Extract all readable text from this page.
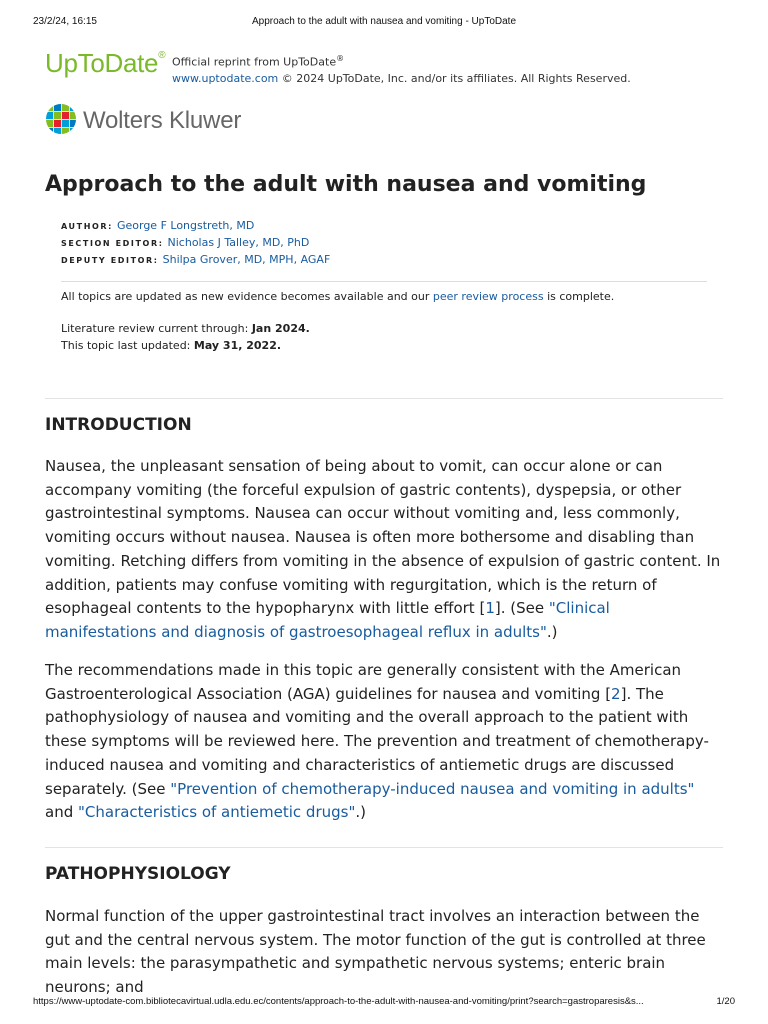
23/2/24, 16:15	Approach to the adult with nausea and vomiting - UpToDate
UpToDate®
Official reprint from UpToDate®
www.uptodate.com © 2024 UpToDate, Inc. and/or its affiliates. All Rights Reserved.
Wolters Kluwer
Approach to the adult with nausea and vomiting
AUTHOR: George F Longstreth, MD
SECTION EDITOR: Nicholas J Talley, MD, PhD
DEPUTY EDITOR: Shilpa Grover, MD, MPH, AGAF
All topics are updated as new evidence becomes available and our peer review process is complete.
Literature review current through: Jan 2024.
This topic last updated: May 31, 2022.
INTRODUCTION

Nausea, the unpleasant sensation of being about to vomit, can occur alone or can accompany vomiting (the forceful expulsion of gastric contents), dyspepsia, or other gastrointestinal symptoms. Nausea can occur without vomiting and, less commonly, vomiting occurs without nausea. Nausea is often more bothersome and disabling than vomiting. Retching differs from vomiting in the absence of expulsion of gastric content. In addition, patients may confuse vomiting with regurgitation, which is the return of esophageal contents to the hypopharynx with little effort [1]. (See "Clinical manifestations and diagnosis of gastroesophageal reflux in adults".)

The recommendations made in this topic are generally consistent with the American Gastroenterological Association (AGA) guidelines for nausea and vomiting [2]. The pathophysiology of nausea and vomiting and the overall approach to the patient with these symptoms will be reviewed here. The prevention and treatment of chemotherapy-induced nausea and vomiting and characteristics of antiemetic drugs are discussed separately. (See "Prevention of chemotherapy-induced nausea and vomiting in adults" and "Characteristics of antiemetic drugs".)

PATHOPHYSIOLOGY

Normal function of the upper gastrointestinal tract involves an interaction between the gut and the central nervous system. The motor function of the gut is controlled at three main levels: the parasympathetic and sympathetic nervous systems; enteric brain neurons; and

https://www-uptodate-com.bibliotecavirtual.udla.edu.ec/contents/approach-to-the-adult-with-nausea-and-vomiting/print?search=gastroparesis&s...	1/20
